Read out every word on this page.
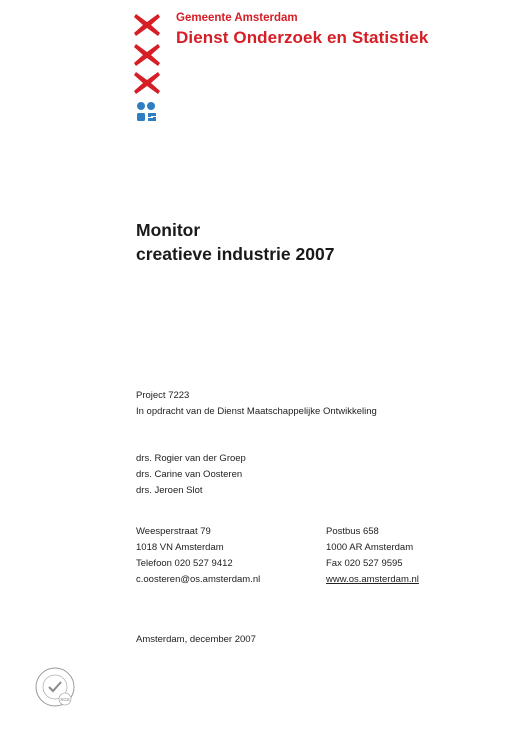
Gemeente Amsterdam
Dienst Onderzoek en Statistiek
Monitor
creatieve industrie 2007
Project 7223
In opdracht van de Dienst Maatschappelijke Ontwikkeling
drs. Rogier van der Groep
drs. Carine van Oosteren
drs. Jeroen Slot
Weesperstraat 79
1018 VN Amsterdam
Telefoon 020 527 9412
c.oosteren@os.amsterdam.nl
Postbus 658
1000 AR Amsterdam
Fax 020 527 9595
www.os.amsterdam.nl
Amsterdam, december 2007
SGS
